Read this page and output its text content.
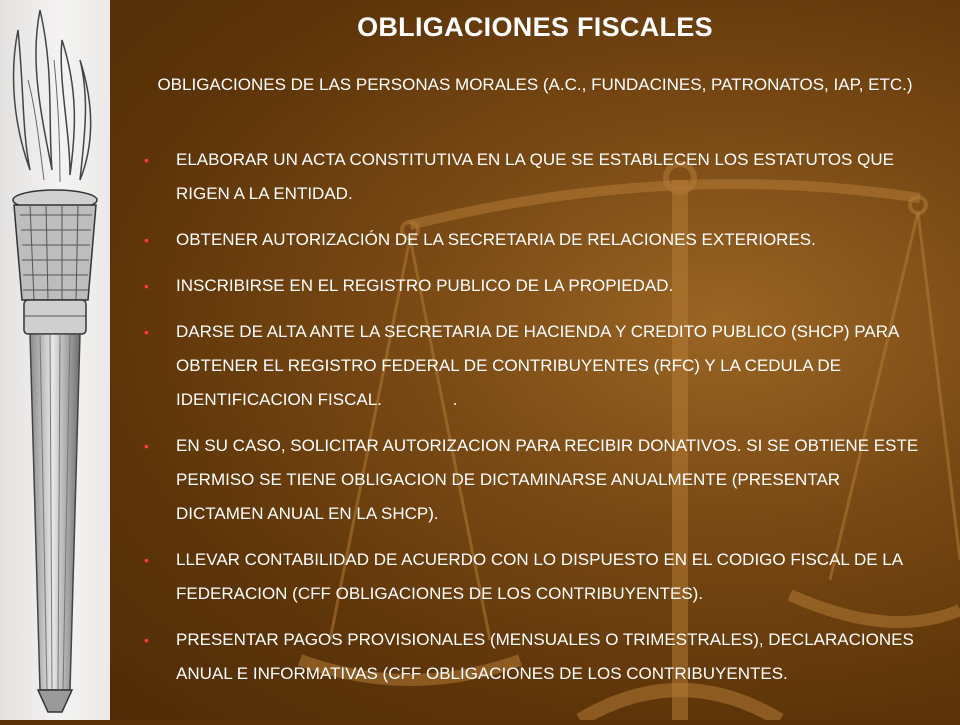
OBLIGACIONES FISCALES
OBLIGACIONES DE LAS PERSONAS MORALES (A.C., FUNDACINES, PATRONATOS, IAP, ETC.)
• ELABORAR UN ACTA CONSTITUTIVA EN LA QUE SE ESTABLECEN LOS ESTATUTOS QUE RIGEN A LA ENTIDAD.
• OBTENER AUTORIZACIÓN DE LA SECRETARIA DE RELACIONES EXTERIORES.
• INSCRIBIRSE EN EL REGISTRO PUBLICO DE LA PROPIEDAD.
• DARSE DE ALTA ANTE LA SECRETARIA DE HACIENDA Y CREDITO PUBLICO (SHCP) PARA OBTENER EL REGISTRO FEDERAL DE CONTRIBUYENTES (RFC) Y LA CEDULA DE IDENTIFICACION FISCAL.               .
• EN SU CASO, SOLICITAR AUTORIZACION PARA RECIBIR DONATIVOS. SI SE OBTIENE ESTE PERMISO SE TIENE OBLIGACION DE DICTAMINARSE ANUALMENTE (PRESENTAR DICTAMEN ANUAL EN LA SHCP).
• LLEVAR CONTABILIDAD DE ACUERDO CON LO DISPUESTO EN EL CODIGO FISCAL DE LA FEDERACION (CFF OBLIGACIONES DE LOS CONTRIBUYENTES).
• PRESENTAR PAGOS PROVISIONALES (MENSUALES O TRIMESTRALES), DECLARACIONES ANUAL E INFORMATIVAS (CFF OBLIGACIONES DE LOS CONTRIBUYENTES.
